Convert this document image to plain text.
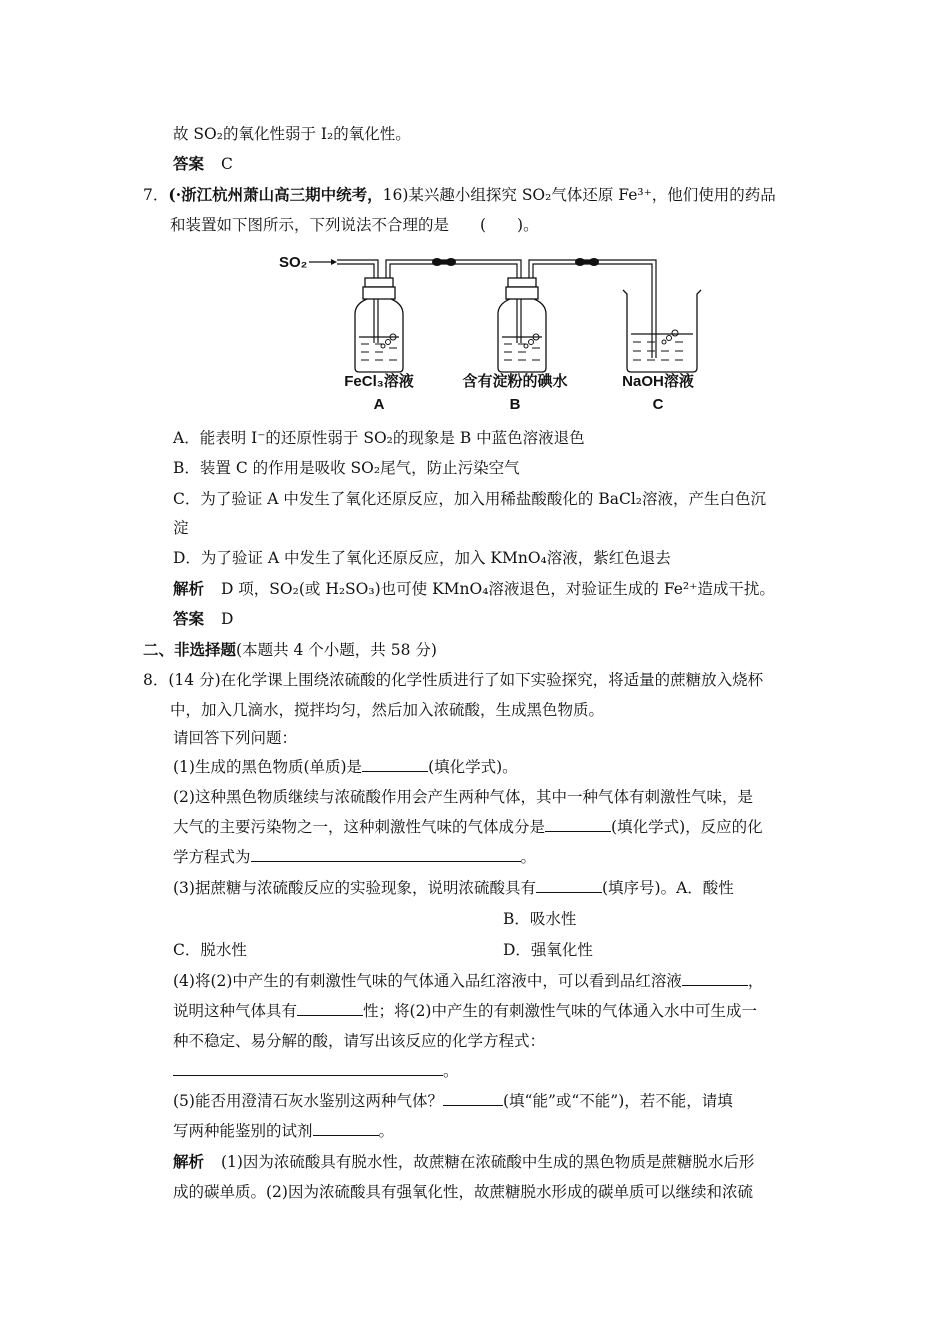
故 SO₂的氧化性弱于 I₂的氧化性。
答案 C
7．(·浙江杭州萧山高三期中统考，16)某兴趣小组探究 SO₂气体还原 Fe³⁺，他们使用的药品
和装置如下图所示，下列说法不合理的是　　(　　)。
SO₂
FeCl₃溶液
A
含有淀粉的碘水
B
NaOH溶液
C
A．能表明 I⁻的还原性弱于 SO₂的现象是 B 中蓝色溶液退色
B．装置 C 的作用是吸收 SO₂尾气，防止污染空气
C．为了验证 A 中发生了氧化还原反应，加入用稀盐酸酸化的 BaCl₂溶液，产生白色沉
淀
D．为了验证 A 中发生了氧化还原反应，加入 KMnO₄溶液，紫红色退去
解析 D 项，SO₂(或 H₂SO₃)也可使 KMnO₄溶液退色，对验证生成的 Fe²⁺造成干扰。
答案 D
二、非选择题(本题共 4 个小题，共 58 分)
8．(14 分)在化学课上围绕浓硫酸的化学性质进行了如下实验探究，将适量的蔗糖放入烧杯
中，加入几滴水，搅拌均匀，然后加入浓硫酸，生成黑色物质。
请回答下列问题：
(1)生成的黑色物质(单质)是	(填化学式)。
(2)这种黑色物质继续与浓硫酸作用会产生两种气体，其中一种气体有刺激性气味，是
大气的主要污染物之一，这种刺激性气味的气体成分是	(填化学式)，反应的化
学方程式为	。
(3)据蔗糖与浓硫酸反应的实验现象，说明浓硫酸具有	(填序号)。A．酸性
B．吸水性
C．脱水性	D．强氧化性
(4)将(2)中产生的有刺激性气味的气体通入品红溶液中，可以看到品红溶液	，
说明这种气体具有	性；将(2)中产生的有刺激性气味的气体通入水中可生成一
种不稳定、易分解的酸，请写出该反应的化学方程式：
。
(5)能否用澄清石灰水鉴别这两种气体？	(填“能”或“不能”)，若不能，请填
写两种能鉴别的试剂	。
解析 (1)因为浓硫酸具有脱水性，故蔗糖在浓硫酸中生成的黑色物质是蔗糖脱水后形
成的碳单质。(2)因为浓硫酸具有强氧化性，故蔗糖脱水形成的碳单质可以继续和浓硫
